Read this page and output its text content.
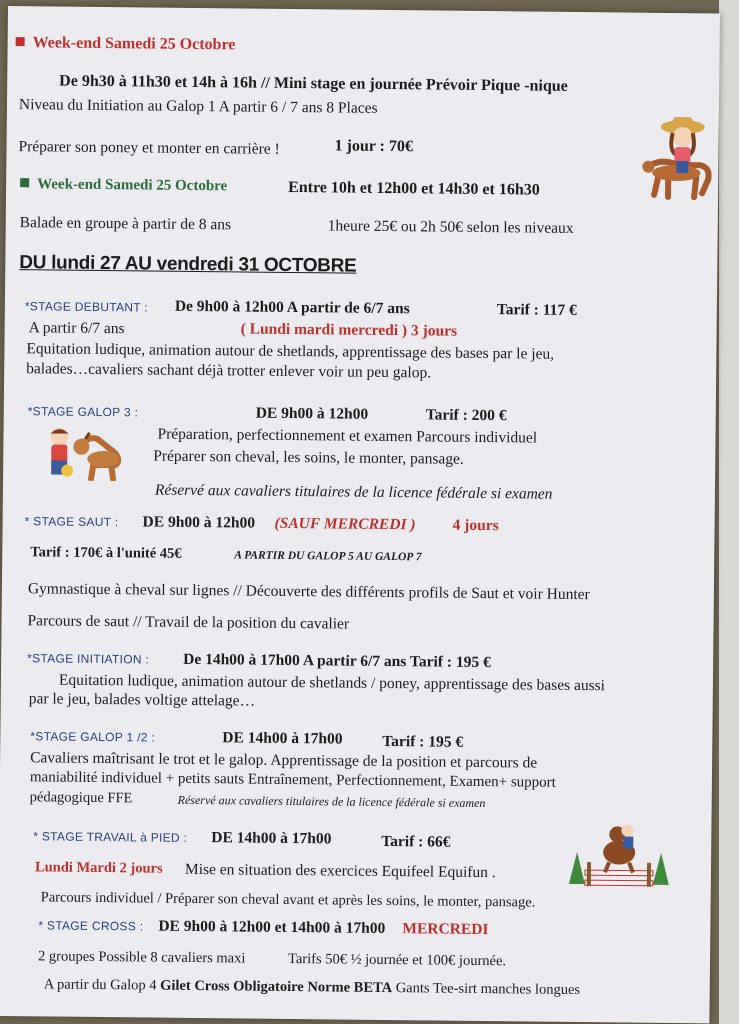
Week-end Samedi 25 Octobre
De 9h30 à 11h30 et 14h à 16h // Mini stage en journée Prévoir Pique -nique
Niveau du Initiation au Galop 1 A partir 6 / 7 ans 8 Places
Préparer son poney et monter en carrière !	1 jour : 70€
Week-end Samedi 25 Octobre	Entre 10h et 12h00 et 14h30 et 16h30
Balade en groupe à partir de 8 ans	1heure 25€ ou 2h 50€ selon les niveaux
DU lundi 27 AU vendredi 31 OCTOBRE
*STAGE DEBUTANT : De 9h00 à 12h00 A partir de 6/7 ans	Tarif : 117 €
A partir 6/7 ans	( Lundi mardi mercredi ) 3 jours
Equitation ludique, animation autour de shetlands, apprentissage des bases par le jeu,
balades…cavaliers sachant déjà trotter enlever voir un peu galop.
*STAGE GALOP 3 :	DE 9h00 à 12h00	Tarif : 200 €
Préparation, perfectionnement et examen Parcours individuel
Préparer son cheval, les soins, le monter, pansage.
Réservé aux cavaliers titulaires de la licence fédérale si examen
* STAGE SAUT : DE 9h00 à 12h00 (SAUF MERCREDI ) 4 jours
Tarif : 170€ à l'unité 45€	A PARTIR DU GALOP 5 AU GALOP 7
Gymnastique à cheval sur lignes // Découverte des différents profils de Saut et voir Hunter
Parcours de saut // Travail de la position du cavalier
*STAGE INITIATION : De 14h00 à 17h00 A partir 6/7 ans Tarif : 195 €
Equitation ludique, animation autour de shetlands / poney, apprentissage des bases aussi
par le jeu, balades voltige attelage…
*STAGE GALOP 1 /2 :	DE 14h00 à 17h00	Tarif : 195 €
Cavaliers maîtrisant le trot et le galop. Apprentissage de la position et parcours de
maniabilité individuel + petits sauts Entraînement, Perfectionnement, Examen+ support
pédagogique FFE	Réservé aux cavaliers titulaires de la licence fédérale si examen
* STAGE TRAVAIL à PIED : DE 14h00 à 17h00	Tarif : 66€
Lundi Mardi 2 jours Mise en situation des exercices Equifeel Equifun .
Parcours individuel / Préparer son cheval avant et après les soins, le monter, pansage.
* STAGE CROSS : DE 9h00 à 12h00 et 14h00 à 17h00 MERCREDI
2 groupes Possible 8 cavaliers maxi	Tarifs 50€ ½ journée et 100€ journée.
A partir du Galop 4 Gilet Cross Obligatoire Norme BETA Gants Tee-sirt manches longues
